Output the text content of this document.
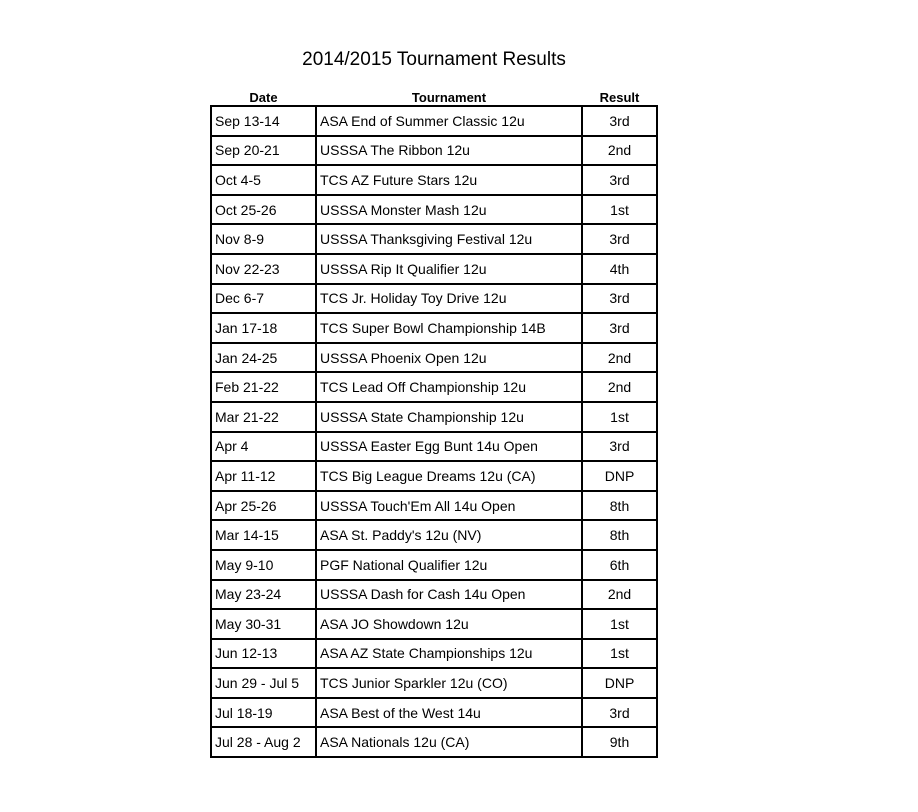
2014/2015 Tournament Results
Date	Tournament	Result
Sep 13-14	ASA End of Summer Classic 12u	3rd
Sep 20-21	USSSA The Ribbon 12u	2nd
Oct 4-5	TCS AZ Future Stars 12u	3rd
Oct 25-26	USSSA Monster Mash 12u	1st
Nov 8-9	USSSA Thanksgiving Festival 12u	3rd
Nov 22-23	USSSA Rip It Qualifier 12u	4th
Dec 6-7	TCS Jr. Holiday Toy Drive 12u	3rd
Jan 17-18	TCS Super Bowl Championship 14B	3rd
Jan 24-25	USSSA Phoenix Open 12u	2nd
Feb 21-22	TCS Lead Off Championship 12u	2nd
Mar 21-22	USSSA State Championship 12u	1st
Apr 4	USSSA Easter Egg Bunt 14u Open	3rd
Apr 11-12	TCS Big League Dreams 12u (CA)	DNP
Apr 25-26	USSSA Touch'Em All 14u Open	8th
Mar 14-15	ASA St. Paddy's 12u (NV)	8th
May 9-10	PGF National Qualifier 12u	6th
May 23-24	USSSA Dash for Cash 14u Open	2nd
May 30-31	ASA JO Showdown 12u	1st
Jun 12-13	ASA AZ State Championships 12u	1st
Jun 29 - Jul 5	TCS Junior Sparkler 12u (CO)	DNP
Jul 18-19	ASA Best of the West 14u	3rd
Jul 28 - Aug 2	ASA Nationals 12u (CA)	9th
